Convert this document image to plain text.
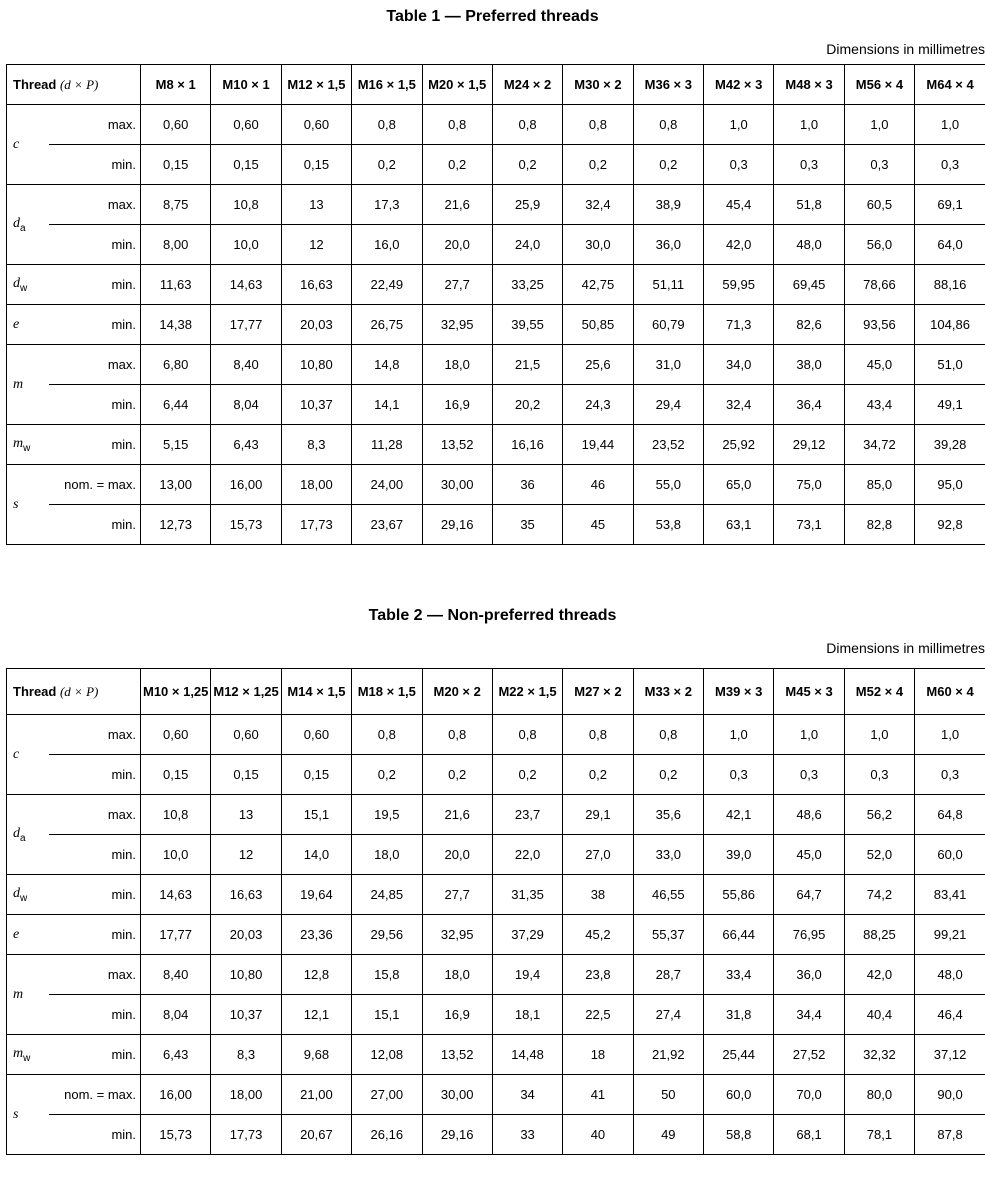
Table 1 — Preferred threads
Dimensions in millimetres
Thread (d × P)		M8 × 1	M10 × 1	M12 × 1,5	M16 × 1,5	M20 × 1,5	M24 × 2	M30 × 2	M36 × 3	M42 × 3	M48 × 3	M56 × 4	M64 × 4
c	max.	0,60	0,60	0,60	0,8	0,8	0,8	0,8	0,8	1,0	1,0	1,0	1,0
	min.	0,15	0,15	0,15	0,2	0,2	0,2	0,2	0,2	0,3	0,3	0,3	0,3
$d_a$	max.	8,75	10,8	13	17,3	21,6	25,9	32,4	38,9	45,4	51,8	60,5	69,1
	min.	8,00	10,0	12	16,0	20,0	24,0	30,0	36,0	42,0	48,0	56,0	64,0
$d_w$	min.	11,63	14,63	16,63	22,49	27,7	33,25	42,75	51,11	59,95	69,45	78,66	88,16
e	min.	14,38	17,77	20,03	26,75	32,95	39,55	50,85	60,79	71,3	82,6	93,56	104,86
m	max.	6,80	8,40	10,80	14,8	18,0	21,5	25,6	31,0	34,0	38,0	45,0	51,0
	min.	6,44	8,04	10,37	14,1	16,9	20,2	24,3	29,4	32,4	36,4	43,4	49,1
$m_w$	min.	5,15	6,43	8,3	11,28	13,52	16,16	19,44	23,52	25,92	29,12	34,72	39,28
s	nom. = max.	13,00	16,00	18,00	24,00	30,00	36	46	55,0	65,0	75,0	85,0	95,0
	min.	12,73	15,73	17,73	23,67	29,16	35	45	53,8	63,1	73,1	82,8	92,8
Table 2 — Non-preferred threads
Dimensions in millimetres
Thread (d × P)		M10 × 1,25	M12 × 1,25	M14 × 1,5	M18 × 1,5	M20 × 2	M22 × 1,5	M27 × 2	M33 × 2	M39 × 3	M45 × 3	M52 × 4	M60 × 4
c	max.	0,60	0,60	0,60	0,8	0,8	0,8	0,8	0,8	1,0	1,0	1,0	1,0
	min.	0,15	0,15	0,15	0,2	0,2	0,2	0,2	0,2	0,3	0,3	0,3	0,3
$d_a$	max.	10,8	13	15,1	19,5	21,6	23,7	29,1	35,6	42,1	48,6	56,2	64,8
	min.	10,0	12	14,0	18,0	20,0	22,0	27,0	33,0	39,0	45,0	52,0	60,0
$d_w$	min.	14,63	16,63	19,64	24,85	27,7	31,35	38	46,55	55,86	64,7	74,2	83,41
e	min.	17,77	20,03	23,36	29,56	32,95	37,29	45,2	55,37	66,44	76,95	88,25	99,21
m	max.	8,40	10,80	12,8	15,8	18,0	19,4	23,8	28,7	33,4	36,0	42,0	48,0
	min.	8,04	10,37	12,1	15,1	16,9	18,1	22,5	27,4	31,8	34,4	40,4	46,4
$m_w$	min.	6,43	8,3	9,68	12,08	13,52	14,48	18	21,92	25,44	27,52	32,32	37,12
s	nom. = max.	16,00	18,00	21,00	27,00	30,00	34	41	50	60,0	70,0	80,0	90,0
	min.	15,73	17,73	20,67	26,16	29,16	33	40	49	58,8	68,1	78,1	87,8
